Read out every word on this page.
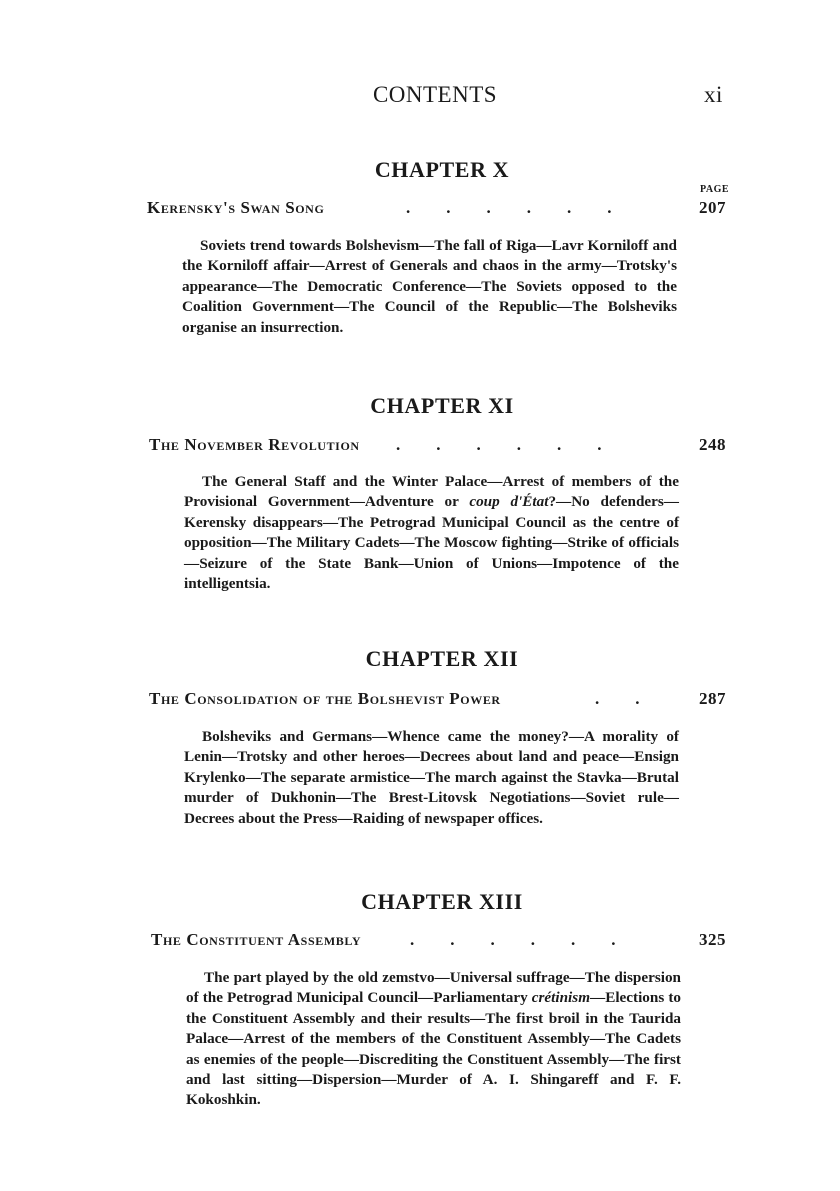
CONTENTS	xi
CHAPTER X
PAGE
Kerensky's Swan Song	......	207

Soviets trend towards Bolshevism—The fall of Riga—Lavr Korniloff and the Korniloff affair—Arrest of Generals and chaos in the army—Trotsky's appearance—The Democratic Conference—The Soviets opposed to the Coalition Government—The Council of the Republic—The Bolsheviks organise an insurrection.

CHAPTER XI
The November Revolution ......	248

The General Staff and the Winter Palace—Arrest of members of the Provisional Government—Adventure or coup d'État?—No defenders—Kerensky disappears—The Petrograd Municipal Council as the centre of opposition—The Military Cadets—The Moscow fighting—Strike of officials—Seizure of the State Bank—Union of Unions—Impotence of the intelligentsia.

CHAPTER XII
The Consolidation of the Bolshevist Power	.. 287

Bolsheviks and Germans—Whence came the money?—A morality of Lenin—Trotsky and other heroes—Decrees about land and peace—Ensign Krylenko—The separate armistice—The march against the Stavka—Brutal murder of Dukhonin—The Brest-Litovsk Negotiations—Soviet rule—Decrees about the Press—Raiding of newspaper offices.

CHAPTER XIII
The Constituent Assembly	......	325

The part played by the old zemstvo—Universal suffrage—The dispersion of the Petrograd Municipal Council—Parliamentary crétinism—Elections to the Constituent Assembly and their results—The first broil in the Taurida Palace—Arrest of the members of the Constituent Assembly—The Cadets as enemies of the people—Discrediting the Constituent Assembly—The first and last sitting—Dispersion—Murder of A. I. Shingareff and F. F. Kokoshkin.
